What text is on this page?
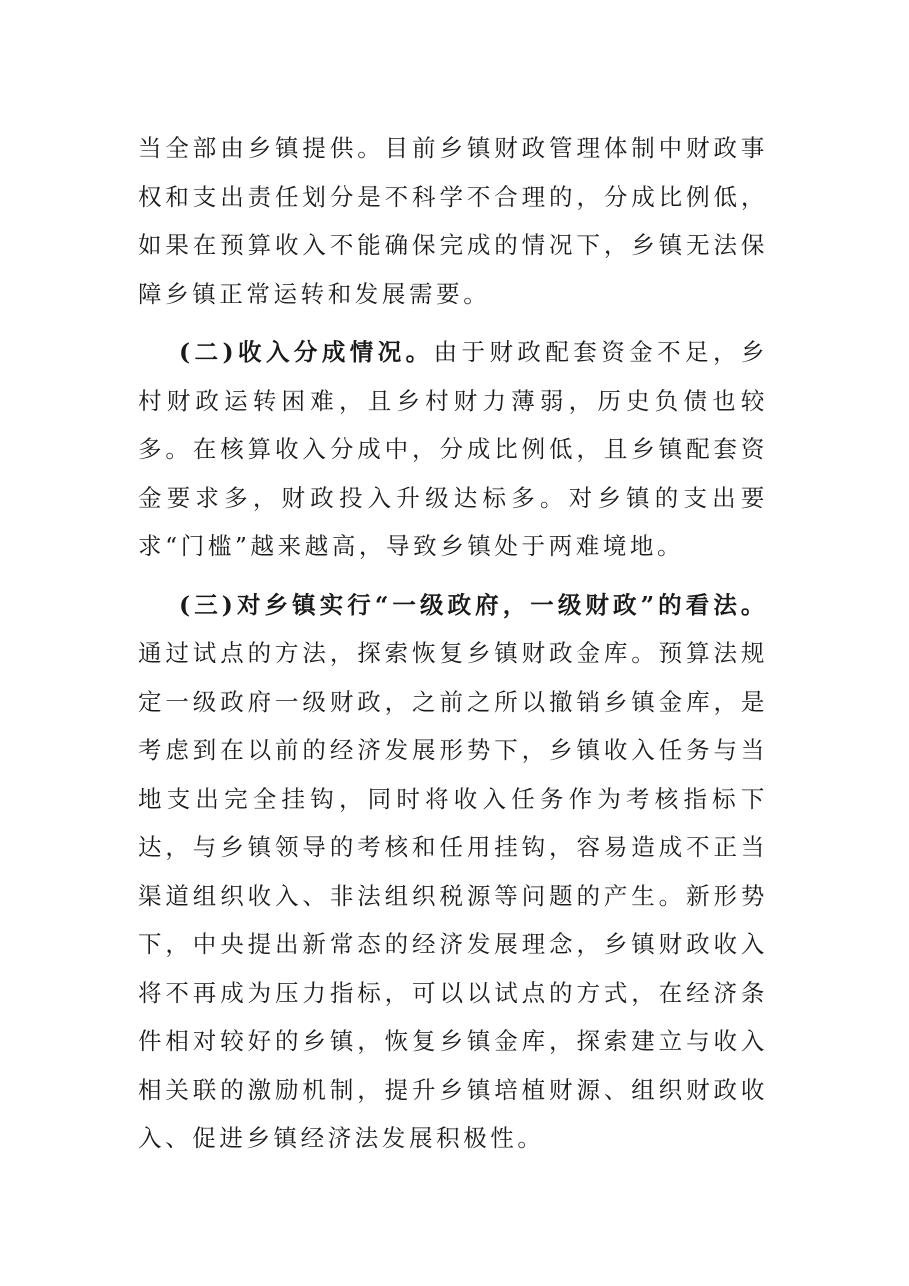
当全部由乡镇提供。目前乡镇财政管理体制中财政事权和支出责任划分是不科学不合理的，分成比例低，如果在预算收入不能确保完成的情况下，乡镇无法保障乡镇正常运转和发展需要。

(二)收入分成情况。由于财政配套资金不足，乡村财政运转困难，且乡村财力薄弱，历史负债也较多。在核算收入分成中，分成比例低，且乡镇配套资金要求多，财政投入升级达标多。对乡镇的支出要求“门槛”越来越高，导致乡镇处于两难境地。

(三)对乡镇实行“一级政府，一级财政”的看法。通过试点的方法，探索恢复乡镇财政金库。预算法规定一级政府一级财政，之前之所以撤销乡镇金库，是考虑到在以前的经济发展形势下，乡镇收入任务与当地支出完全挂钩，同时将收入任务作为考核指标下达，与乡镇领导的考核和任用挂钩，容易造成不正当渠道组织收入、非法组织税源等问题的产生。新形势下，中央提出新常态的经济发展理念，乡镇财政收入将不再成为压力指标，可以以试点的方式，在经济条件相对较好的乡镇，恢复乡镇金库，探索建立与收入相关联的激励机制，提升乡镇培植财源、组织财政收入、促进乡镇经济法发展积极性。
